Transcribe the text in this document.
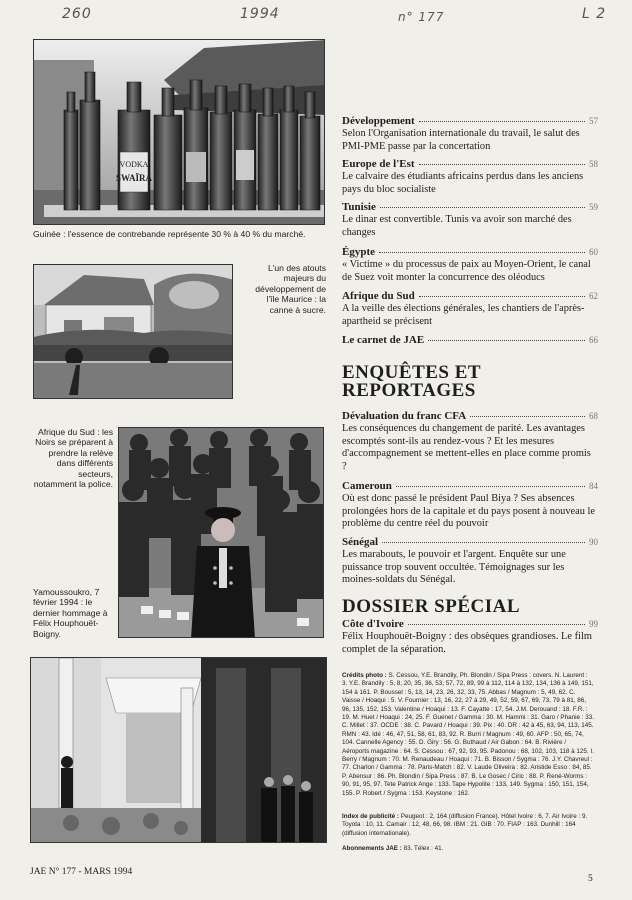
260	1994	n° 177	L 2
VODKA
SWAÏRA
Guinée : l'essence de contrebande représente 30 % à 40 % du marché.
L'un des atouts majeurs du développement de l'île Maurice : la canne à sucre.
Afrique du Sud : les Noirs se préparent à prendre la relève dans différents secteurs, notamment la police.
Yamoussoukro, 7 février 1994 : le dernier hommage à Félix Houphouët-Boigny.
Développement	57
Selon l'Organisation internationale du travail, le salut des PMI-PME passe par la concertation
Europe de l'Est	58
Le calvaire des étudiants africains perdus dans les anciens pays du bloc socialiste
Tunisie	59
Le dinar est convertible. Tunis va avoir son marché des changes
Égypte	60
« Victime » du processus de paix au Moyen-Orient, le canal de Suez voit monter la concurrence des oléoducs
Afrique du Sud	62
A la veille des élections générales, les chantiers de l'après-apartheid se précisent
Le carnet de JAE	66
ENQUÊTES ET REPORTAGES
Dévaluation du franc CFA	68
Les conséquences du changement de parité. Les avantages escomptés sont-ils au rendez-vous ? Et les mesures d'accompagnement se mettent-elles en place comme promis ?
Cameroun	84
Où est donc passé le président Paul Biya ? Ses absences prolongées hors de la capitale et du pays posent à nouveau le problème du centre réel du pouvoir
Sénégal	90
Les marabouts, le pouvoir et l'argent. Enquête sur une puissance trop souvent occultée. Témoignages sur les moines-soldats du Sénégal.
DOSSIER SPÉCIAL
Côte d'Ivoire	99
Félix Houphouët-Boigny : des obsèques grandioses. Le film complet de la séparation.
Crédits photo : S. Cessou, Y.E. Brandily, Ph. Blondin / Sipa Press : covers. N. Laurent : 3. Y.E. Brandily : 5, 8, 20, 35, 36, 53, 57, 72, 89, 99 à 112, 114 à 132, 134, 136 à 149, 151, 154 à 161. P. Boussel : 5, 13, 14, 23, 26, 32, 33, 75. Abbas / Magnum : 5, 49, 62. C. Vaisse / Hoaqui : 5. V. Fournier : 13, 16, 22, 27 à 29, 49, 52, 59, 67, 69, 73, 79 à 81, 86, 96, 135, 152, 153. Valentine / Hoaqui : 13. F. Cayatte : 17, 54. J.M. Derouand : 18. F.R. : 19. M. Huet / Hoaqui : 24, 25. F. Guenet / Gamma : 30. M. Hammi : 31. Garo / Phanie : 33. C. Millet : 37. OCDE : 38. C. Pavard / Hoaqui : 39. Pix : 40. DR : 42 à 45, 63, 94, 113, 145. RMN : 43. Idé : 46, 47, 51, 58, 61, 83, 92. R. Burri / Magnum : 49, 60. AFP : 50, 65, 74, 104. Cannelle Agency : 55. D. Giry : 56. G. Buthaud / Air Gabon : 64. B. Rivière / Aéroports magazine : 64. S. Cessou : 67, 92, 93, 95. Padonou : 68, 102, 103, 118 à 125. I. Berry / Magnum : 70. M. Renaudeau / Hoaqui : 71. B. Bisson / Sygma : 76. J.Y. Chavreul : 77. Charlon / Gamma : 78. Paris-Match : 82. V. Laude Oliveira : 82. Aristide Esso : 84, 85. P. Abensur : 86. Ph. Blondin / Sipa Press : 87. B. Le Gosec / Ciric : 88. P. René-Worms : 90, 91, 95, 97. Tete Patrick Ange : 133. Tape Hypolite : 133, 149. Sygma : 150, 151, 154, 155. P. Robert / Sygma : 153. Keystone : 162.
Index de publicité : Peugeot : 2, 164 (diffusion France). Hôtel Ivoire : 6, 7. Air Ivoire : 9. Toyota : 10, 11. Camair : 12, 48, 66, 98. IBM : 21. GIB : 70. FIAP : 163. Dunhill : 164 (diffusion internationale).
Abonnements JAE : 83. Télex : 41.
JAE N° 177 - MARS 1994
5
